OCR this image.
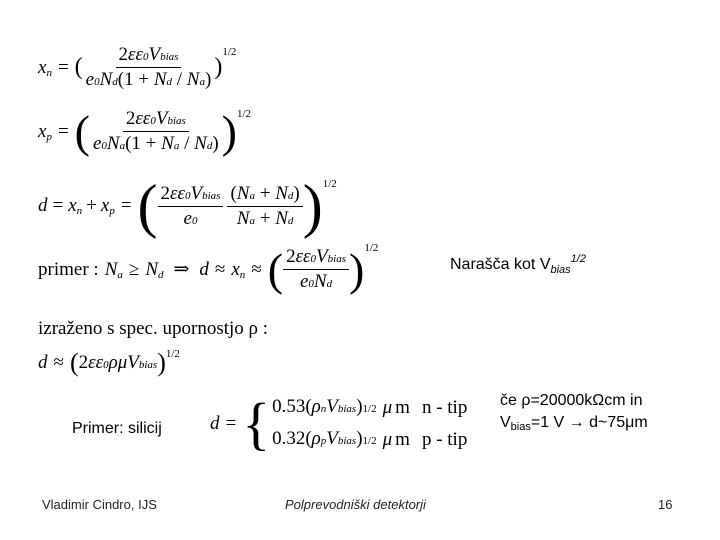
x n = ( $\frac{\text{2εε0Vbias}}{e0Nd(1 + Nd / Na)}$ )
1/2
x p = ( $\frac{\text{2εε0Vbias}}{e0Na(1 + Na / Nd)}$ ) 1/2
d = x n + x p = ( $\frac{\text{2εε0Vbias}}{e0} \frac{(Na + Nd)}{Na + Nd}$ ) 1/2
primer : N a ≥ N d ⇒ d ≈ x n ≈ ( $\frac{\text{2εε0Vbias}}{e0Nd}$ ) 1/2
Narašča kot $V_{bias}^{1/2}$
izraženo s spec. upornostjo ρ :
d ≈ ( 2εε0ρμVbias ) 1/2
Primer: silicij	d = { 0.53(ρnVbias) 1/2 μ m n - tip
0.32(ρpVbias) 1/2 μ m p - tip
če ρ=20000kΩcm in
Vbias=1 V → d~75μm
Vladimir Cindro, IJS	Polprevodniški detektorji	16
